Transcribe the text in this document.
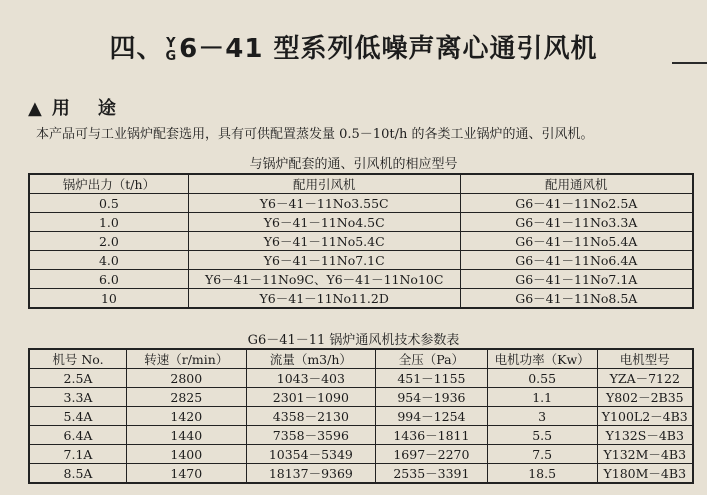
四、 Y
G 6－41 型系列低噪声离心通引风机
▲ 用途
本产品可与工业锅炉配套选用，具有可供配置蒸发量 0.5－10t/h 的各类工业锅炉的通、引风机。
与锅炉配套的通、引风机的相应型号
锅炉出力（t/h）	配用引风机	配用通风机
0.5	Y6－41－11No3.55C	G6－41－11No2.5A
1.0	Y6－41－11No4.5C	G6－41－11No3.3A
2.0	Y6－41－11No5.4C	G6－41－11No5.4A
4.0	Y6－41－11No7.1C	G6－41－11No6.4A
6.0	Y6－41－11No9C、Y6－41－11No10C	G6－41－11No7.1A
10	Y6－41－11No11.2D	G6－41－11No8.5A
G6－41－11 锅炉通风机技术参数表
机号 No.	转速（r/min）	流量（m3/h）	全压（Pa）	电机功率（Kw）	电机型号
2.5A	2800	1043－403	451－1155	0.55	YZA－7122
3.3A	2825	2301－1090	954－1936	1.1	Y802－2B35
5.4A	1420	4358－2130	994－1254	3	Y100L2－4B3
6.4A	1440	7358－3596	1436－1811	5.5	Y132S－4B3
7.1A	1400	10354－5349	1697－2270	7.5	Y132M－4B3
8.5A	1470	18137－9369	2535－3391	18.5	Y180M－4B3
